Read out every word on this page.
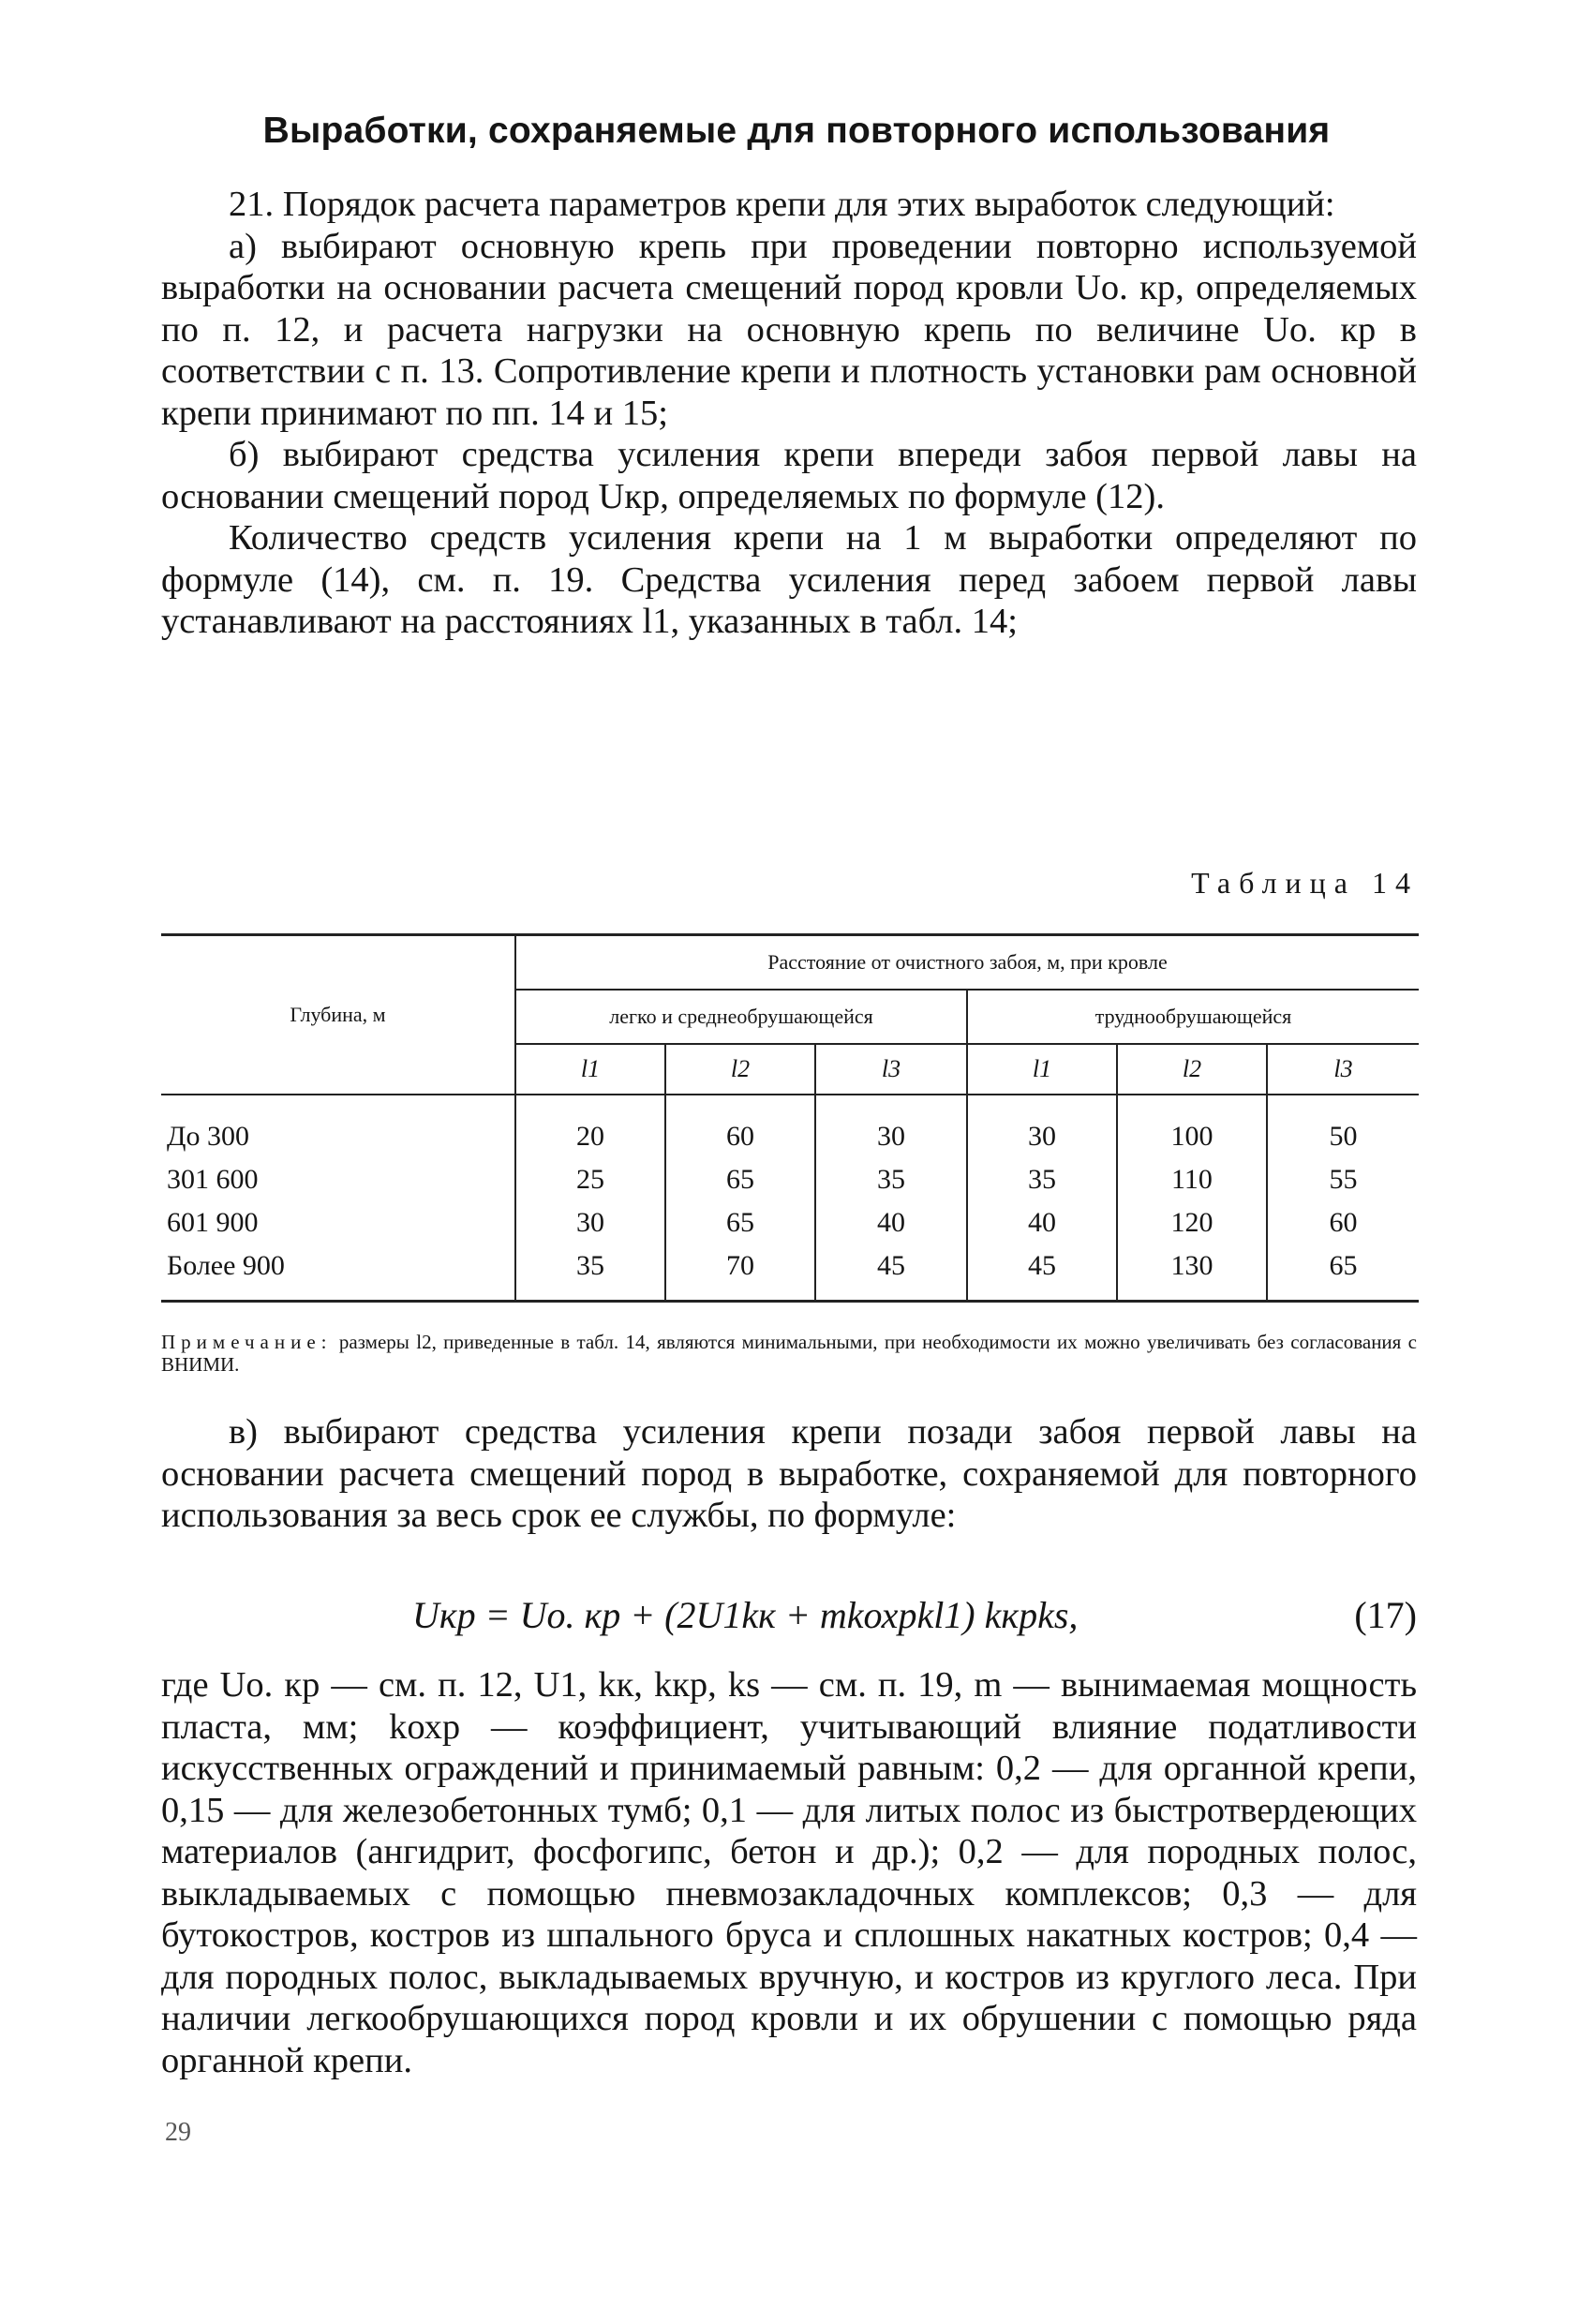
Выработки, сохраняемые для повторного использования

21. Порядок расчета параметров крепи для этих выработок следующий:

а) выбирают основную крепь при проведении повторно используемой выработки на основании расчета смещений пород кровли Uо. кр, определяемых по п. 12, и расчета нагрузки на основную крепь по величине Uо. кр в соответствии с п. 13. Сопротивление крепи и плотность установки рам основной крепи принимают по пп. 14 и 15;

б) выбирают средства усиления крепи впереди забоя первой лавы на основании смещений пород Uкр, определяемых по формуле (12).

Количество средств усиления крепи на 1 м выработки определяют по формуле (14), см. п. 19. Средства усиления перед забоем первой лавы устанавливают на расстояниях l1, указанных в табл. 14;

Таблица 14
Глубина, м	Расстояние от очистного забоя, м, при кровле					
	легко и среднеобрушающейся			труднообрушающейся		
	l1	l2	l3	l1	l2	l3
До 300	20	60	30	30	100	50
301 600	25	65	35	35	110	55
601 900	30	65	40	40	120	60
Более 900	35	70	45	45	130	65
Примечание: размеры l2, приведенные в табл. 14, являются минимальными, при необходимости их можно увеличивать без согласования с ВНИМИ.

в) выбирают средства усиления крепи позади забоя первой лавы на основании расчета смещений пород в выработке, сохраняемой для повторного использования за весь срок ее службы, по формуле:

Uкр = Uо. кр + (2U1kк + mkохрkl1) kкрks,	(17)

где Uо. кр — см. п. 12, U1, kк, kкр, ks — см. п. 19, m — вынимаемая мощность пласта, мм; kохр — коэффициент, учитывающий влияние податливости искусственных ограждений и принимаемый равным: 0,2 — для органной крепи, 0,15 — для железобетонных тумб; 0,1 — для литых полос из быстротвердеющих материалов (ангидрит, фосфогипс, бетон и др.); 0,2 — для породных полос, выкладываемых с помощью пневмозакладочных комплексов; 0,3 — для бутокостров, костров из шпального бруса и сплошных накатных костров; 0,4 — для породных полос, выкладываемых вручную, и костров из круглого леса. При наличии легкообрушающихся пород кровли и их обрушении с помощью ряда органной крепи.

29
